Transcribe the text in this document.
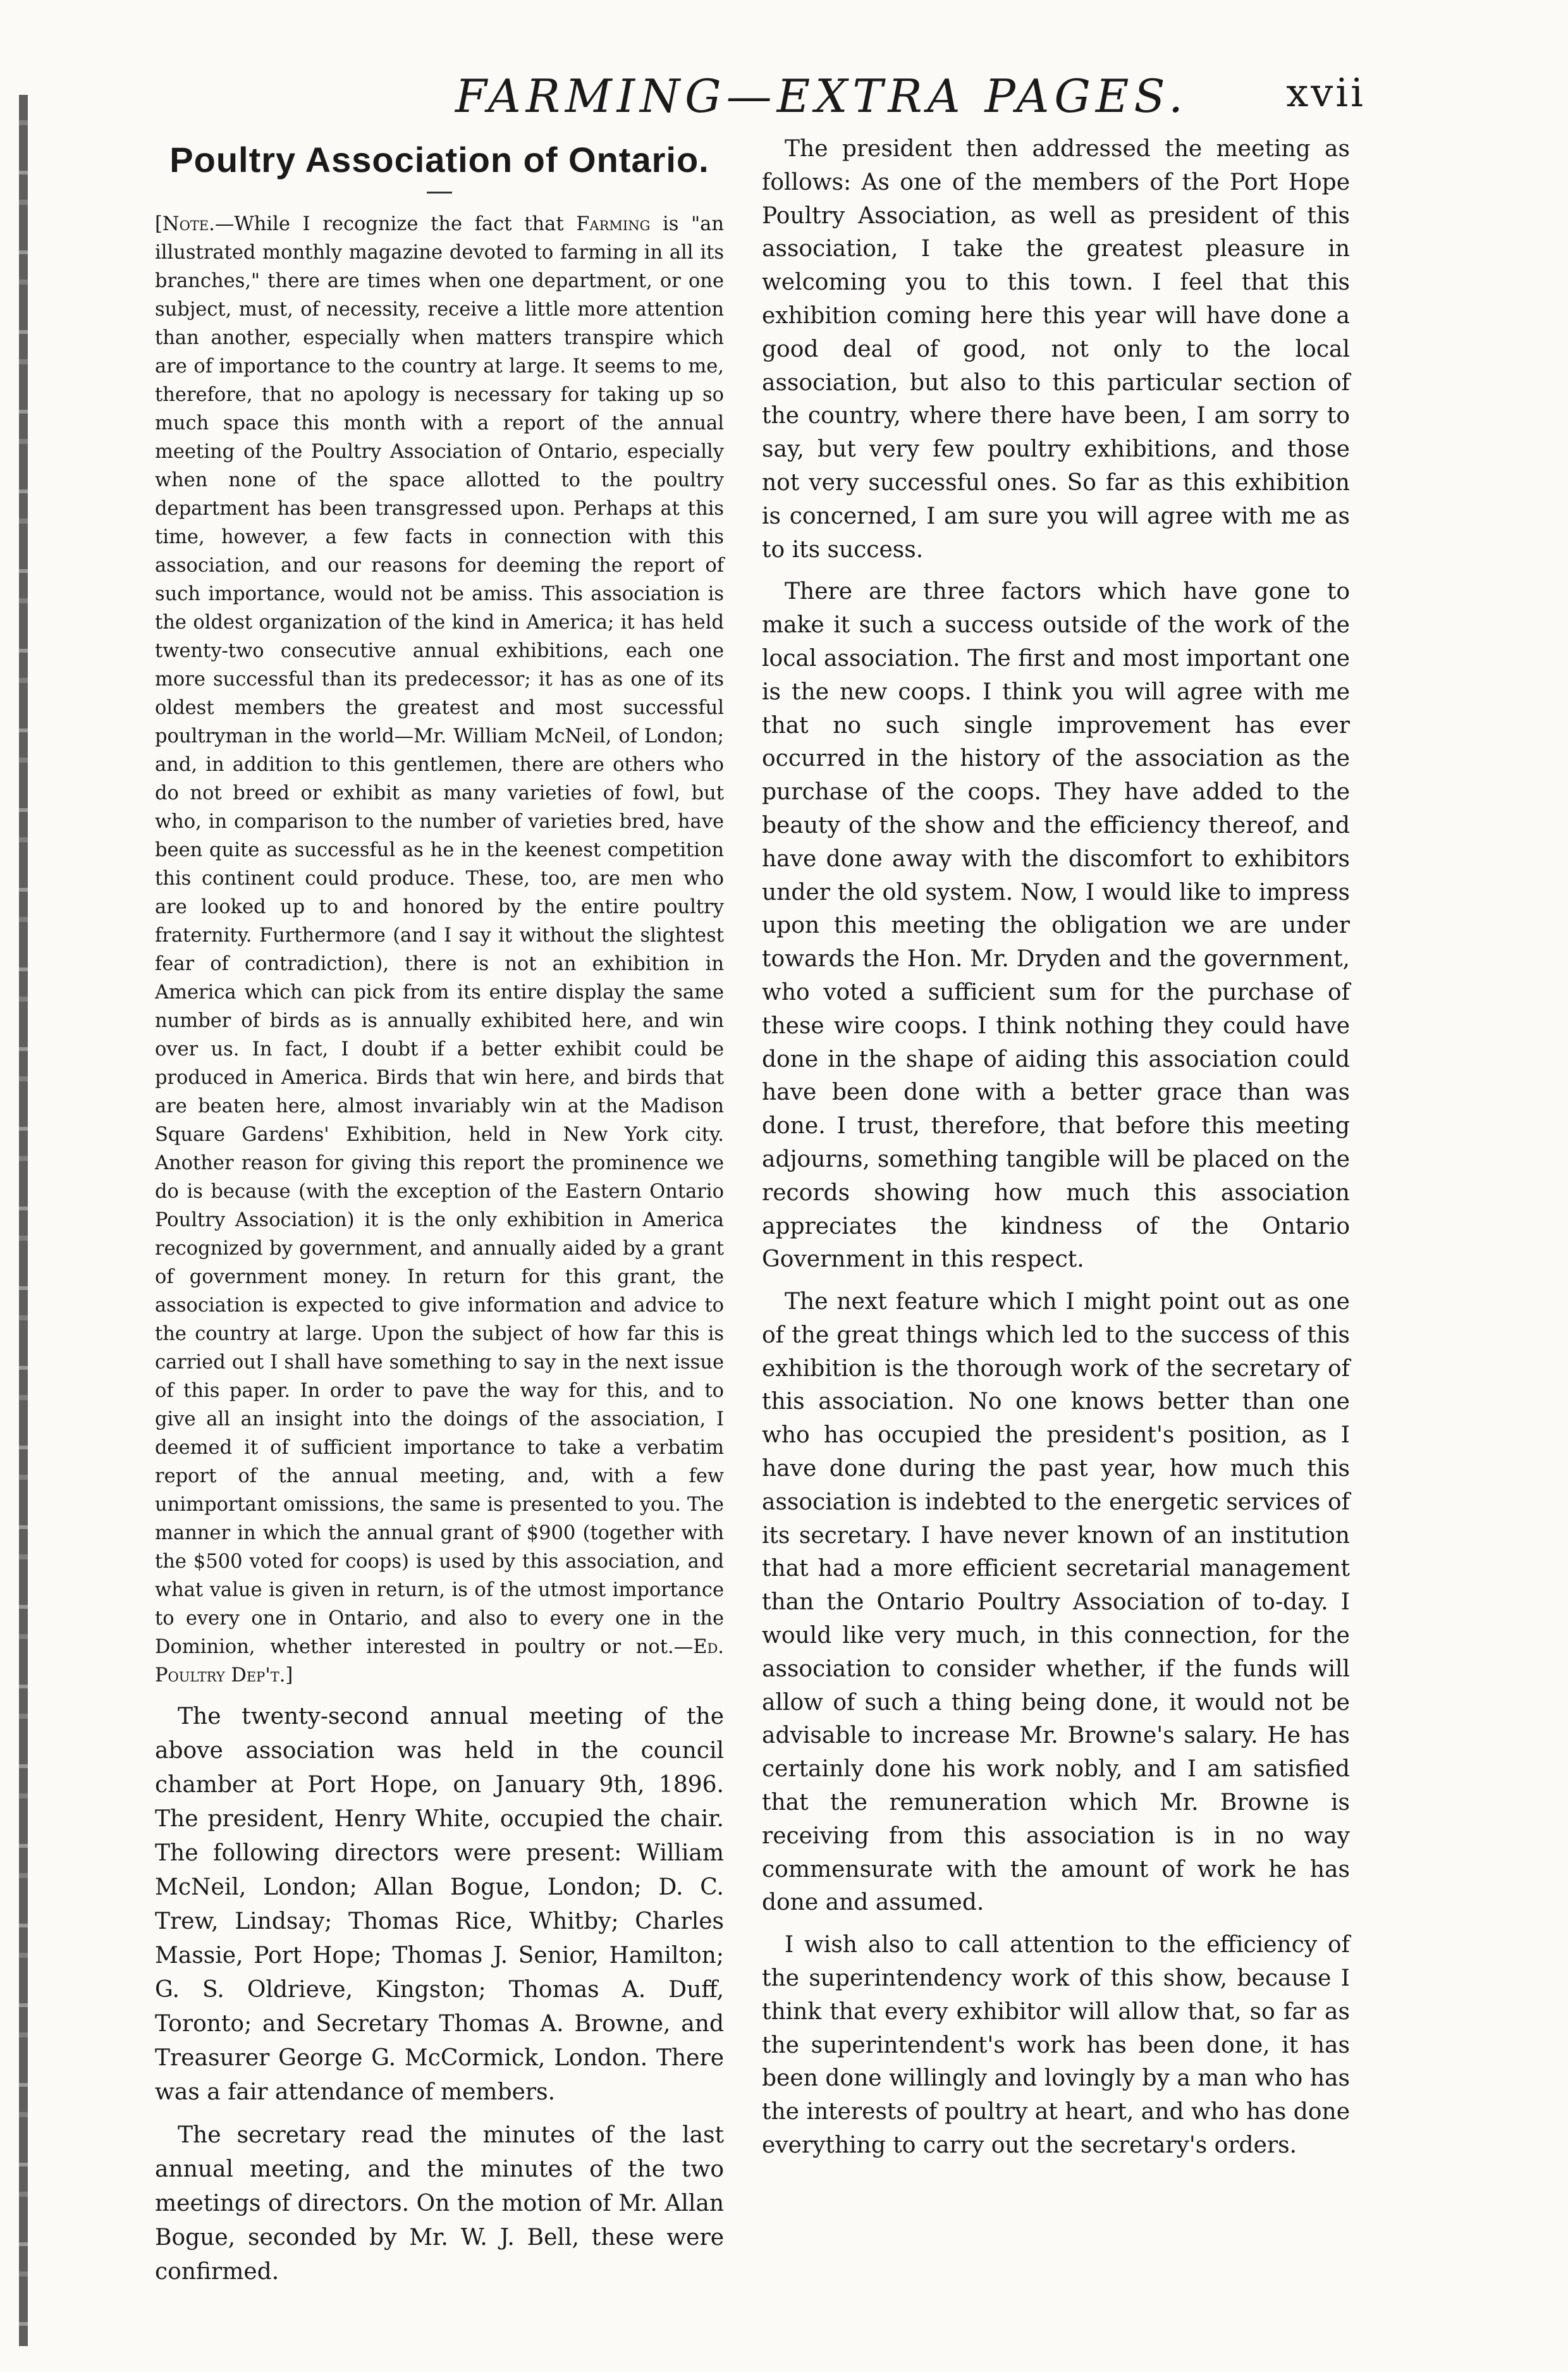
FARMING—EXTRA PAGES.	xvii
Poultry Association of Ontario.

[Note.—While I recognize the fact that Farming is "an illustrated monthly magazine devoted to farming in all its branches," there are times when one department, or one subject, must, of necessity, receive a little more attention than another, especially when matters transpire which are of importance to the country at large. It seems to me, therefore, that no apology is necessary for taking up so much space this month with a report of the annual meeting of the Poultry Association of Ontario, especially when none of the space allotted to the poultry department has been transgressed upon. Perhaps at this time, however, a few facts in connection with this association, and our reasons for deeming the report of such importance, would not be amiss. This association is the oldest organization of the kind in America; it has held twenty-two consecutive annual exhibitions, each one more successful than its predecessor; it has as one of its oldest members the greatest and most successful poultryman in the world—Mr. William McNeil, of London; and, in addition to this gentlemen, there are others who do not breed or exhibit as many varieties of fowl, but who, in comparison to the number of varieties bred, have been quite as successful as he in the keenest competition this continent could produce. These, too, are men who are looked up to and honored by the entire poultry fraternity. Furthermore (and I say it without the slightest fear of contradiction), there is not an exhibition in America which can pick from its entire display the same number of birds as is annually exhibited here, and win over us. In fact, I doubt if a better exhibit could be produced in America. Birds that win here, and birds that are beaten here, almost invariably win at the Madison Square Gardens' Exhibition, held in New York city. Another reason for giving this report the prominence we do is because (with the exception of the Eastern Ontario Poultry Association) it is the only exhibition in America recognized by government, and annually aided by a grant of government money. In return for this grant, the association is expected to give information and advice to the country at large. Upon the subject of how far this is carried out I shall have something to say in the next issue of this paper. In order to pave the way for this, and to give all an insight into the doings of the association, I deemed it of sufficient importance to take a verbatim report of the annual meeting, and, with a few unimportant omissions, the same is presented to you. The manner in which the annual grant of $900 (together with the $500 voted for coops) is used by this association, and what value is given in return, is of the utmost importance to every one in Ontario, and also to every one in the Dominion, whether interested in poultry or not.—Ed. Poultry Dep't.]

The twenty-second annual meeting of the above association was held in the council chamber at Port Hope, on January 9th, 1896. The president, Henry White, occupied the chair. The following directors were present: William McNeil, London; Allan Bogue, London; D. C. Trew, Lindsay; Thomas Rice, Whitby; Charles Massie, Port Hope; Thomas J. Senior, Hamilton; G. S. Oldrieve, Kingston; Thomas A. Duff, Toronto; and Secretary Thomas A. Browne, and Treasurer George G. McCormick, London. There was a fair attendance of members.

The secretary read the minutes of the last annual meeting, and the minutes of the two meetings of directors. On the motion of Mr. Allan Bogue, seconded by Mr. W. J. Bell, these were confirmed.

The president then addressed the meeting as follows: As one of the members of the Port Hope Poultry Association, as well as president of this association, I take the greatest pleasure in welcoming you to this town. I feel that this exhibition coming here this year will have done a good deal of good, not only to the local association, but also to this particular section of the country, where there have been, I am sorry to say, but very few poultry exhibitions, and those not very successful ones. So far as this exhibition is concerned, I am sure you will agree with me as to its success.

There are three factors which have gone to make it such a success outside of the work of the local association. The first and most important one is the new coops. I think you will agree with me that no such single improvement has ever occurred in the history of the association as the purchase of the coops. They have added to the beauty of the show and the efficiency thereof, and have done away with the discomfort to exhibitors under the old system. Now, I would like to impress upon this meeting the obligation we are under towards the Hon. Mr. Dryden and the government, who voted a sufficient sum for the purchase of these wire coops. I think nothing they could have done in the shape of aiding this association could have been done with a better grace than was done. I trust, therefore, that before this meeting adjourns, something tangible will be placed on the records showing how much this association appreciates the kindness of the Ontario Government in this respect.

The next feature which I might point out as one of the great things which led to the success of this exhibition is the thorough work of the secretary of this association. No one knows better than one who has occupied the president's position, as I have done during the past year, how much this association is indebted to the energetic services of its secretary. I have never known of an institution that had a more efficient secretarial management than the Ontario Poultry Association of to-day. I would like very much, in this connection, for the association to consider whether, if the funds will allow of such a thing being done, it would not be advisable to increase Mr. Browne's salary. He has certainly done his work nobly, and I am satisfied that the remuneration which Mr. Browne is receiving from this association is in no way commensurate with the amount of work he has done and assumed.

I wish also to call attention to the efficiency of the superintendency work of this show, because I think that every exhibitor will allow that, so far as the superintendent's work has been done, it has been done willingly and lovingly by a man who has the interests of poultry at heart, and who has done everything to carry out the secretary's orders.
